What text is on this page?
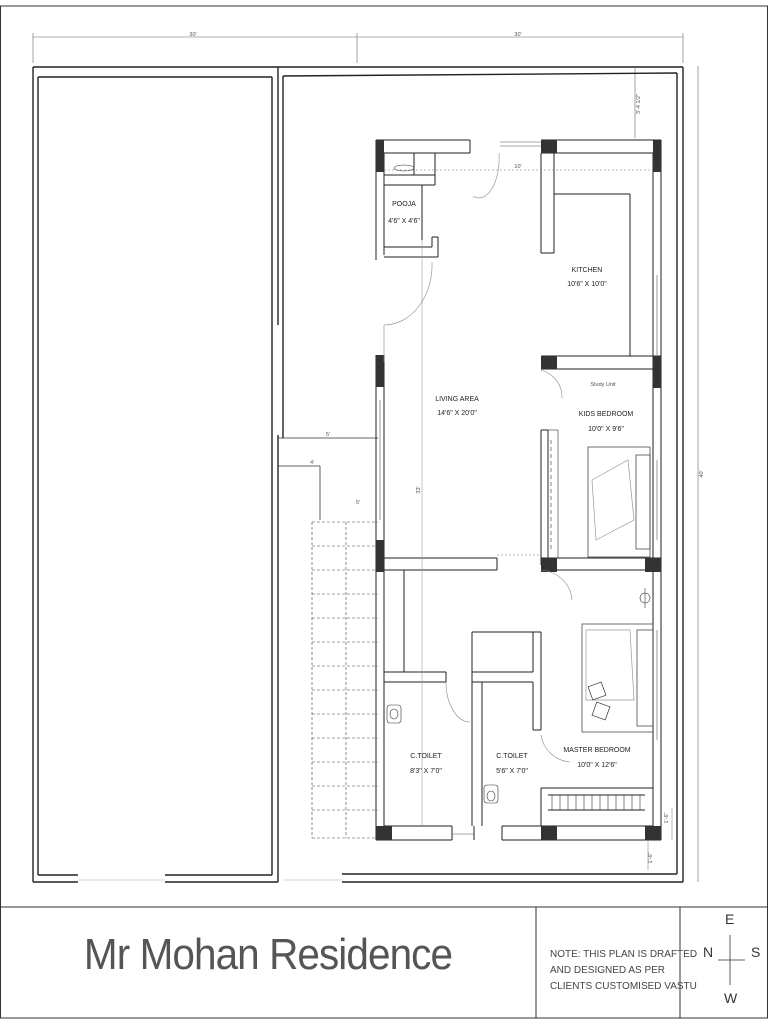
30'	30'
40'
3'-4 1/2"
5'
4'
5'
10'
33'
1'-6"
1'-6"
POOJA
4'6" X 4'6"
KITCHEN
10'6" X 10'0"
LIVING AREA
14'6" X 20'0"
Study Unit
KIDS BEDROOM
10'0" X 9'6"
C.TOILET
8'3" X 7'0"
C.TOILET
5'6" X 7'0"
MASTER BEDROOM
10'0" X 12'6"
Mr Mohan Residence	NOTE: THIS PLAN IS DRAFTED
AND DESIGNED AS PER
CLIENTS CUSTOMISED VASTU
E
N	S
W
